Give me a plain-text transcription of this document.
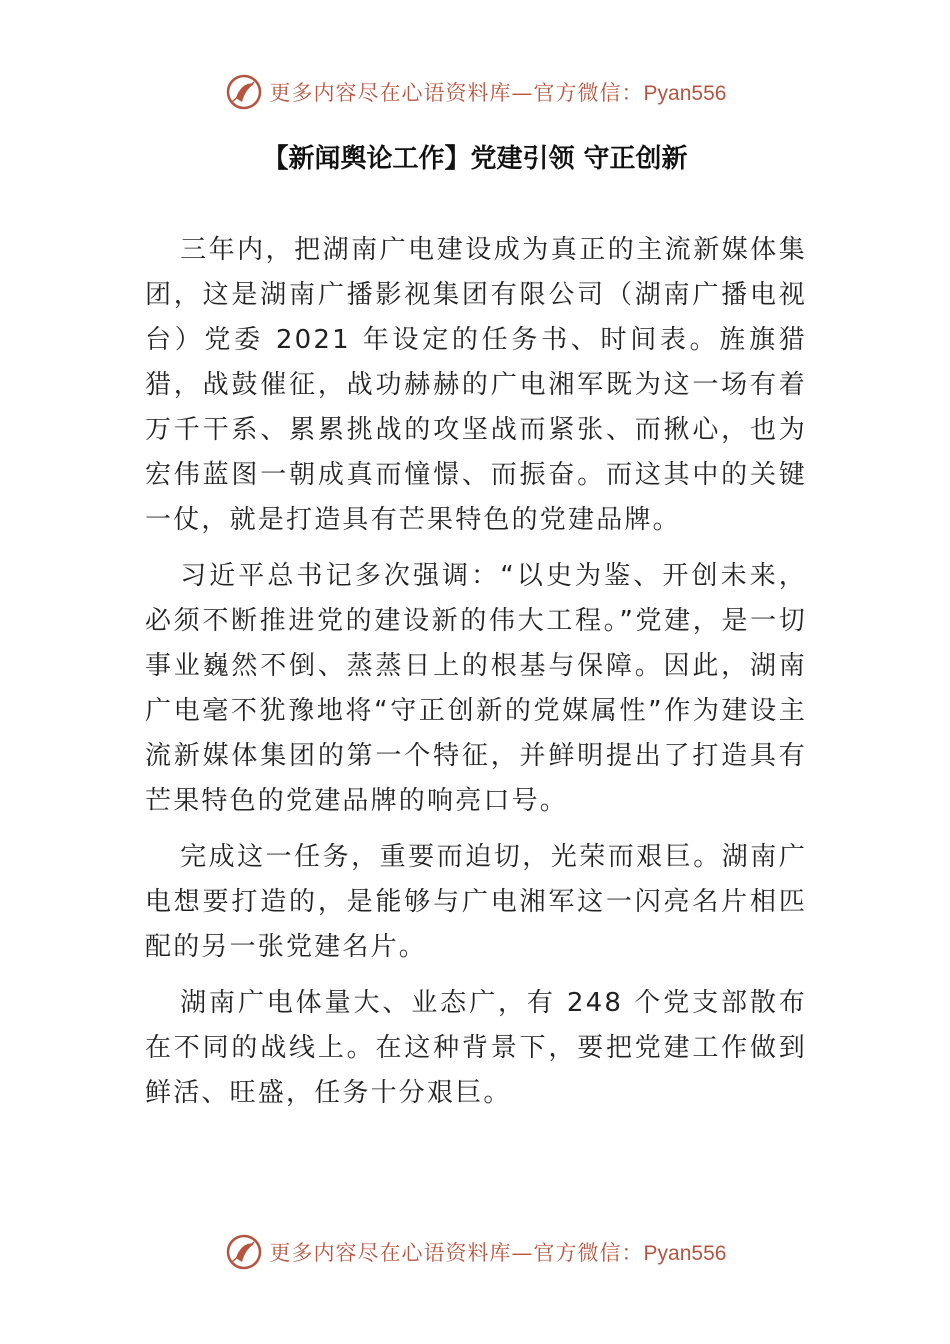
更多内容尽在心语资料库—官方微信：Pyan556
【新闻舆论工作】党建引领 守正创新

三年内，把湖南广电建设成为真正的主流新媒体集团，这是湖南广播影视集团有限公司（湖南广播电视台）党委 2021 年设定的任务书、时间表。旌旗猎猎，战鼓催征，战功赫赫的广电湘军既为这一场有着万千干系、累累挑战的攻坚战而紧张、而揪心，也为宏伟蓝图一朝成真而憧憬、而振奋。而这其中的关键一仗，就是打造具有芒果特色的党建品牌。

习近平总书记多次强调：“以史为鉴、开创未来，必须不断推进党的建设新的伟大工程。”党建，是一切事业巍然不倒、蒸蒸日上的根基与保障。因此，湖南广电毫不犹豫地将“守正创新的党媒属性”作为建设主流新媒体集团的第一个特征，并鲜明提出了打造具有芒果特色的党建品牌的响亮口号。

完成这一任务，重要而迫切，光荣而艰巨。湖南广电想要打造的，是能够与广电湘军这一闪亮名片相匹配的另一张党建名片。

湖南广电体量大、业态广，有 248 个党支部散布在不同的战线上。在这种背景下，要把党建工作做到鲜活、旺盛，任务十分艰巨。

更多内容尽在心语资料库—官方微信：Pyan556
